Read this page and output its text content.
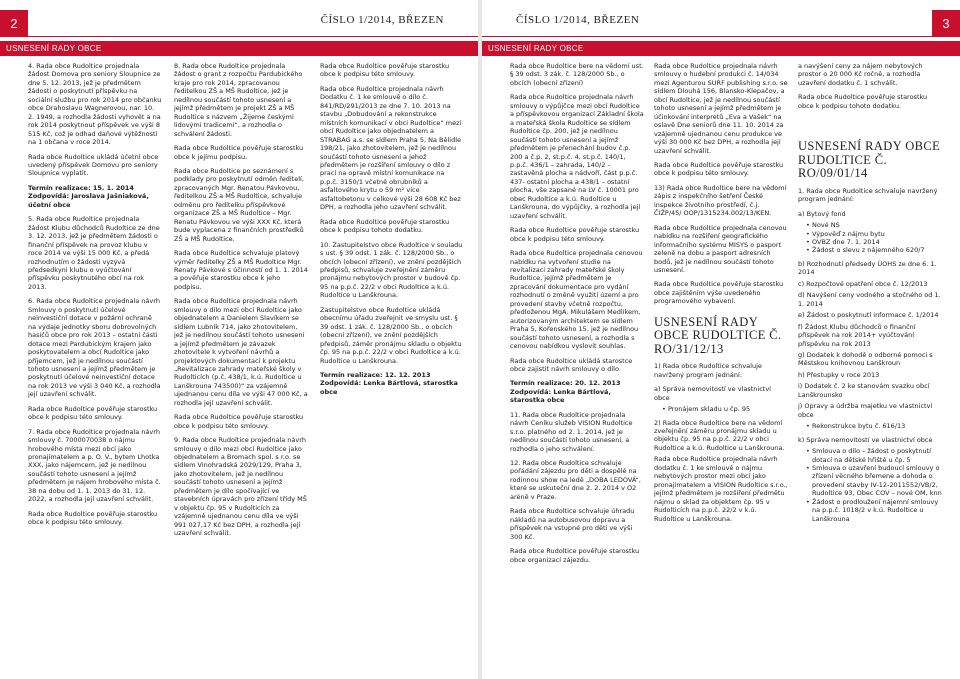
2	ČÍSLO 1/2014, BŘEZEN
USNESENÍ RADY OBCE

4. Rada obce Rudoltice projednala žádost Domova pro seniory Sloupnice ze dne 5. 12. 2013, jež je předmětem žádosti o poskytnutí příspěvku na sociální službu pro rok 2014 pro občanku obce Drahoslavu Wagnerovou, nar. 10. 2. 1949, a rozhodla žádosti vyhovět a na rok 2014 poskytnout příspěvek ve výši 8 515 Kč, což je odhad daňové výtěžnosti na 1 občana v roce 2014.

Rada obce Rudoltice ukládá účetní obce uvedený příspěvek Domovu pro seniory Sloupnice vyplatit.

Termín realizace: 15. 1. 2014 Zodpovídá: Jaroslava Jašniaková, účetní obce

5. Rada obce Rudoltice projednala žádost Klubu důchodců Rudoltice ze dne 3. 12. 2013, jež je předmětem žádosti o finanční příspěvek na provoz klubu v roce 2014 ve výši 15 000 Kč, a předá rozhodnutím o žádosti vyzývá předsedkyni klubu o vyúčtování příspěvku poskytnutého obcí na rok 2013.

6. Rada obce Rudoltice projednala návrh Smlouvy o poskytnutí účelové neinvestiční dotace v požární ochraně na výdaje jednotky sboru dobrovolných hasičů obce pro rok 2013 – ostatní části dotace mezi Pardubickým krajem jako poskytovatelem a obcí Rudoltice jako příjemcem, jež je nedílnou součástí tohoto usnesení a jejímž předmětem je poskytnutí účelové neinvestiční dotace na rok 2013 ve výši 3 040 Kč, a rozhodla její uzavření schválit.

Rada obce Rudoltice pověřuje starostku obce k podpisu této smlouvy.

7. Rada obce Rudoltice projednala návrh smlouvy č. 7000070038 o nájmu hrobového místa mezi obcí jako pronajímatelem a p. O. V., bytem Lhotka XXX, jako nájemcem, jež je nedílnou součástí tohoto usnesení a jejímž předmětem je nájem hrobového místa č. 38 na dobu od 1. 1. 2013 do 31. 12. 2022, a rozhodla její uzavření schválit.

Rada obce Rudoltice pověřuje starostku obce k podpisu této smlouvy.

8. Rada obce Rudoltice projednala žádost o grant z rozpočtu Pardubického kraje pro rok 2014, zpracovanou ředitelkou ZŠ a MŠ Rudoltice, jež je nedílnou součástí tohoto usnesení a jejímž předmětem je projekt ZŠ a MŠ Rudoltice s názvem „Žijeme českými lidovými tradicemi“, a rozhodla o schválení žádosti.

Rada obce Rudoltice pověřuje starostku obce k jejímu podpisu.

Rada obce Rudoltice po seznámení s podklady pro poskytnutí odměn ředitelí, zpracovaných Mgr. Renatou Pávkovou, ředitelkou ZŠ a MŠ Rudoltice, schvaluje odměnu pro ředitelku příspěvkové organizace ZŠ a MŠ Rudoltice – Mgr. Renatu Pávkovou ve výši XXX Kč, která bude vyplacena z finančních prostředků ZŠ a MŠ Rudoltice.

Rada obce Rudoltice schvaluje platový výměr ředitelky ZŠ a MŠ Rudoltice Mgr. Renaty Pávkové s účinností od 1. 1. 2014 a pověřuje starostku obce k jeho podpisu.

Rada obce Rudoltice projednala návrh smlouvy o dílo mezi obcí Rudoltice jako objednatelem a Danielem Slavíkem se sídlem Lubník 714, jako zhotovitelem, jež je nedílnou součástí tohoto usnesení a jejímž předmětem je závazek zhotovitele k vytvoření návrhů a projektových dokumentací k projektu „Revitalizace zahrady mateřské školy v Rudolticích (p.č. 438/1, k.ú. Rudoltice u Lanškrouna 743500)“ za vzájemně ujednanou cenu díla ve výši 47 000 Kč, a rozhodla její uzavření schválit.

Rada obce Rudoltice pověřuje starostku obce k podpisu této smlouvy.

9. Rada obce Rudoltice projednala návrh smlouvy o dílo mezi obcí Rudoltice jako objednatelem a Bromach spol. s r.o. se sídlem Vinohradská 2029/129, Praha 3, jako zhotovitelem, jež je nedílnou součástí tohoto usnesení a jejímž předmětem je dílo spočívající ve stavebních úpravách pro zřízení třídy MŠ v objektu čp. 95 v Rudolticích za vzájemně ujednanou cenu díla ve výši 991 027,17 Kč bez DPH, a rozhodla její uzavření schválit.

Rada obce Rudoltice pověřuje starostku obce k podpisu této smlouvy.

Rada obce Rudoltice projednala návrh Dodatku č. 1 ke smlouvě o dílo č. 841/RD/291/2013 ze dne 7. 10. 2013 na stavbu „Dobudování a rekonstrukce místních komunikací v obci Rudoltice“ mezi obcí Rudoltice jako objednatelem a STRABAG a.s. se sídlem Praha 5, Na Bělidle 198/21, jako zhotovitelem, jež je nedílnou součástí tohoto usnesení a jehož předmětem je rozšíření smlouvy o dílo z prací na opravě místní komunikace na p.p.č. 3150/1 včetně obrubníků a asfaltového krytu o 59 m² více asfaltobetonu v celkové výši 28 608 Kč bez DPH, a rozhodla jeho uzavření schválit.

Rada obce Rudoltice pověřuje starostku obce k podpisu tohoto dodatku.

10. Zastupitelstvo obce Rudoltice v souladu s ust. § 39 odst. 1 zák. č. 128/2000 Sb., o obcích (obecní zřízení), ve znění pozdějších předpisů, schvaluje zveřejnění záměru pronájmu nebytových prostor v budově čp. 95 na p.p.č. 22/2 v obci Rudoltice a k.ú. Rudoltice u Lanškrouna.

Zastupitelstvo obce Rudoltice ukládá obecnímu úřadu zveřejnit ve smyslu ust. § 39 odst. 1 zák. č. 128/2000 Sb., o obcích (obecní zřízení), ve znění pozdějších předpisů, záměr pronájmu skladu o objektu čp. 95 na p.p.č. 22/2 v obci Rudoltice a k.ú. Rudoltice u Lanškrouna.

Termín realizace: 12. 12. 2013 Zodpovídá: Lenka Bártlová, starostka obce

3
ČÍSLO 1/2014, BŘEZEN
USNESENÍ RADY OBCE

Rada obce Rudoltice bere na vědomí ust. § 39 odst. 3 zák. č. 128/2000 Sb., o obcích (obecní zřízení)

Rada obce Rudoltice projednala návrh smlouvy o výpůjčce mezi obcí Rudoltice a příspěvkovou organizací Základní škola a mateřská škola Rudoltice se sídlem Rudoltice čp. 200, jež je nedílnou součástí tohoto usnesení a jejímž předmětem je přenechání budov č.p. 200 a č.p. 2, st.p.č. 4, st.p.č. 140/1, p.p.č. 436/1 – zahrada, 140/2 – zastavěná plocha a nádvoří, část p.p.č. 437- ostatní plocha a 438/1 – ostatní plocha, vše zapsané na LV č. 10001 pro obec Rudoltice a k.ú. Rudoltice u Lanškrouna, do výpůjčky, a rozhodla její uzavření schválit.

Rada obce Rudoltice pověřuje starostku obce k podpisu této smlouvy.

Rada obce Rudoltice projednala cenovou nabídku na vytvoření studie na revitalizaci zahrady mateřské školy Rudoltice, jejímž předmětem je zpracování dokumentace pro vydání rozhodnutí o změně využití území a pro provedení stavby včetně rozpočtu, předloženou MgA. Mikulášem Medlíkem, autorizovaným architektem se sídlem Praha 5, Kořenského 15, jež je nedílnou součástí tohoto usnesení, a rozhodla s cenovou nabídkou vyslovit souhlas.

Rada obce Rudoltice ukládá starostce obce zajistit návrh smlouvy o dílo.

Termín realizace: 20. 12. 2013 Zodpovídá: Lenka Bártlová, starostka obce

11. Rada obce Rudoltice projednala návrh Ceníku služeb VISION Rudoltice s.r.o. platného od 2. 1. 2014, jež je nedílnou součástí tohoto usnesení, a rozhodla o jeho schválení.

12. Rada obce Rudoltice schvaluje pořádání zájezdu pro děti a dospělé na rodinnou show na ledě „DOBA LEDOVÁ“, které se uskuteční dne 2. 2. 2014 v O2 aréně v Praze.

Rada obce Rudoltice schvaluje úhradu nákladů na autobusovou dopravu a příspěvek na vstupné pro děti ve výši 300 Kč.

Rada obce Rudoltice pověřuje starostku obce organizací zájezdu.

Rada obce Rudoltice projednala návrh smlouvy o hudební produkci č. 14/034 mezi Agenturou SURF publishing s.r.o. se sídlem Dlouhá 156, Blansko-Klepačov, a obcí Rudoltice, jež je nedílnou součástí tohoto usnesení a jejímž předmětem je účinkování interpretů „Eva a Vašek“ na oslavě Dne seniorů dne 11. 10. 2014 za vzájemně ujednanou cenu produkce ve výši 30 000 Kč bez DPH, a rozhodla její uzavření schválit.

Rada obce Rudoltice pověřuje starostku obce k podpisu této smlouvy.

13) Rada obce Rudoltice bere na vědomí zápis z inspekčního šetření České inspekce životního prostředí, č.j. ČIŽP/45/ OOP/1315234.002/13/KEN.

Rada obce Rudoltice projednala cenovou nabídku na rozšíření geografického informačního systému MISYS o pasport zeleně na dobu a pasport adresních bodů, jež je nedílnou součástí tohoto usnesení.

Rada obce Rudoltice pověřuje starostku obce zajištěním výše uvedeného programového vybavení.

USNESENÍ RADY OBCE RUDOLTICE Č. RO/31/12/13

1) Rada obce Rudoltice schvaluje navržený program jednání:

a) Správa nemovitostí ve vlastnictví obce

• Pronájem skladu u čp. 95

2) Rada obce Rudoltice bere na vědomí zveřejnění záměru pronájmu skladu u objektu čp. 95 na p.p.č. 22/2 v obci Rudoltice a k.ú. Rudoltice u Lanškrouna.

Rada obce Rudoltice projednala návrh dodatku č. 1 ke smlouvě o nájmu nebytových prostor mezi obcí jako pronajímatelem a VISION Rudoltice s.r.o., jejímž předmětem je rozšíření předmětu nájmu o sklad za objektem čp. 95 v Rudolticích na p.p.č. 22/2 v k.ú. Rudoltice u Lanškrouna.

a navýšení ceny za nájem nebytových prostor o 20 000 Kč ročně, a rozhodla uzavření dodatku č. 1 schválit.

Rada obce Rudoltice pověřuje starostku obce k podpisu tohoto dodatku.

USNESENÍ RADY OBCE RUDOLTICE Č. RO/09/01/14

1. Rada obce Rudoltice schvaluje navržený program jednání:

a) Bytový fond

• Nové NS
• Výpověď z nájmu bytu
• OVBZ dne 7. 1. 2014
• Žádost o slevu z nájemného 620/7

b) Rozhodnutí předsedy ÚOHS ze dne 6. 1. 2014

c) Rozpočtové opatření obce č. 12/2013

d) Navýšení ceny vodného a stočného od 1. 1. 2014

e) Žádost o poskytnutí informace č. 1/2014

f) Žádost Klubu důchodců o finanční příspěvek na rok 2014+ vyúčtování příspěvku na rok 2013

g) Dodatek k dohodě o odborné pomoci s Městskou knihovnou Lanškroun

h) Přestupky v roce 2013

i) Dodatek č. 2 ke stanovám svazku obcí Lanškrounsko

j) Opravy a údržba majetku ve vlastnictví obce

• Rekonstrukce bytu č. 616/13

k) Správa nemovitostí ve vlastnictví obce

• Smlouva o dílo – žádost o poskytnutí dotací na dětské hřiště u čp. 5
• Smlouva o uzavření budoucí smlouvy o zřízení věcného břemene a dohoda o provedení stavby IV-12-2011552/VB/2, Rudoltice 93, Obec COV – nové OM, knn
• Žádost o prodloužení nájemní smlouvy na p.p.č. 1018/2 v k.ú. Rudoltice u Lanškrouna
